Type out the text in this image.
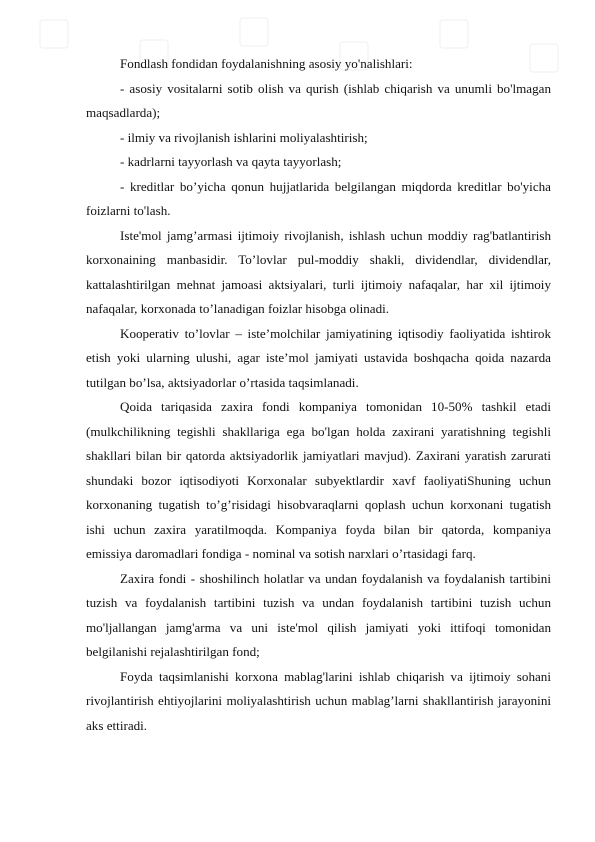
Fondlash fondidan foydalanishning asosiy yo'nalishlari:

- asosiy vositalarni sotib olish va qurish (ishlab chiqarish va unumli bo'lmagan maqsadlarda);

- ilmiy va rivojlanish ishlarini moliyalashtirish;

- kadrlarni tayyorlash va qayta tayyorlash;

- kreditlar bo’yicha qonun hujjatlarida belgilangan miqdorda kreditlar bo'yicha foizlarni to'lash.

Iste'mol jamg’armasi ijtimoiy rivojlanish, ishlash uchun moddiy rag'batlantirish korxonaining manbasidir. To’lovlar pul-moddiy shakli, dividendlar, dividendlar, kattalashtirilgan mehnat jamoasi aktsiyalari, turli ijtimoiy nafaqalar, har xil ijtimoiy nafaqalar, korxonada to’lanadigan foizlar hisobga olinadi.

Kooperativ to’lovlar – iste’molchilar jamiyatining iqtisodiy faoliyatida ishtirok etish yoki ularning ulushi, agar iste’mol jamiyati ustavida boshqacha qoida nazarda tutilgan bo’lsa, aktsiyadorlar o’rtasida taqsimlanadi.

Qoida tariqasida zaxira fondi kompaniya tomonidan 10-50% tashkil etadi (mulkchilikning tegishli shakllariga ega bo'lgan holda zaxirani yaratishning tegishli shakllari bilan bir qatorda aktsiyadorlik jamiyatlari mavjud). Zaxirani yaratish zarurati shundaki bozor iqtisodiyoti Korxonalar subyektlardir xavf faoliyatiShuning uchun korxonaning tugatish to’g’risidagi hisobvaraqlarni qoplash uchun korxonani tugatish ishi uchun zaxira yaratilmoqda. Kompaniya foyda bilan bir qatorda, kompaniya emissiya daromadlari fondiga - nominal va sotish narxlari o’rtasidagi farq.

Zaxira fondi - shoshilinch holatlar va undan foydalanish va foydalanish tartibini tuzish va foydalanish tartibini tuzish va undan foydalanish tartibini tuzish uchun mo'ljallangan jamg'arma va uni iste'mol qilish jamiyati yoki ittifoqi tomonidan belgilanishi rejalashtirilgan fond;

Foyda taqsimlanishi korxona mablag'larini ishlab chiqarish va ijtimoiy sohani rivojlantirish ehtiyojlarini moliyalashtirish uchun mablag’larni shakllantirish jarayonini aks ettiradi.
